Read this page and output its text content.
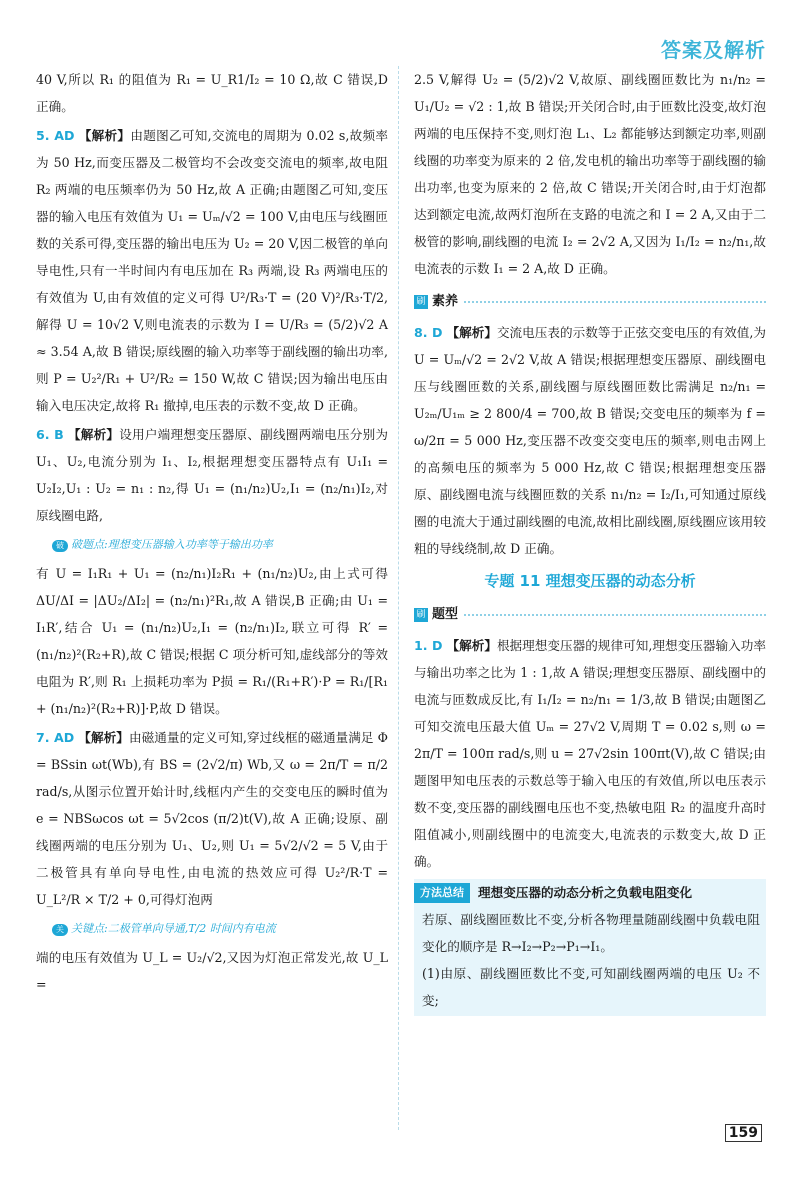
答案及解析

40 V,所以 R₁ 的阻值为 R₁ = U_R1/I₂ = 10 Ω,故 C 错误,D 正确。

5. AD 【解析】由题图乙可知,交流电的周期为 0.02 s,故频率为 50 Hz,而变压器及二极管均不会改变交流电的频率,故电阻 R₂ 两端的电压频率仍为 50 Hz,故 A 正确;由题图乙可知,变压器的输入电压有效值为 U₁ = Uₘ/√2 = 100 V,由电压与线圈匝数的关系可得,变压器的输出电压为 U₂ = 20 V,因二极管的单向导电性,只有一半时间内有电压加在 R₃ 两端,设 R₃ 两端电压的有效值为 U,由有效值的定义可得 U²/R₃·T = (20 V)²/R₃·T/2,解得 U = 10√2 V,则电流表的示数为 I = U/R₃ = (5/2)√2 A ≈ 3.54 A,故 B 错误;原线圈的输入功率等于副线圈的输出功率,则 P = U₂²/R₁ + U²/R₂ = 150 W,故 C 错误;因为输出电压由输入电压决定,故将 R₁ 撤掉,电压表的示数不变,故 D 正确。
6. B 【解析】设用户端理想变压器原、副线圈两端电压分别为 U₁、U₂,电流分别为 I₁、I₂,根据理想变压器特点有 U₁I₁ = U₂I₂,U₁ : U₂ = n₁ : n₂,得 U₁ = (n₁/n₂)U₂,I₁ = (n₂/n₁)I₂,对原线圈电路,
破 破题点:理想变压器输入功率等于输出功率

有 U = I₁R₁ + U₁ = (n₂/n₁)I₂R₁ + (n₁/n₂)U₂,由上式可得 ΔU/ΔI = |ΔU₂/ΔI₂| = (n₂/n₁)²R₁,故 A 错误,B 正确;由 U₁ = I₁R′,结合 U₁ = (n₁/n₂)U₂,I₁ = (n₂/n₁)I₂,联立可得 R′ = (n₁/n₂)²(R₂+R),故 C 错误;根据 C 项分析可知,虚线部分的等效电阻为 R′,则 R₁ 上损耗功率为 P损 = R₁/(R₁+R′)·P = R₁/[R₁ + (n₁/n₂)²(R₂+R)]·P,故 D 错误。

7. AD 【解析】由磁通量的定义可知,穿过线框的磁通量满足 Φ = BSsin ωt(Wb),有 BS = (2√2/π) Wb,又 ω = 2π/T = π/2 rad/s,从图示位置开始计时,线框内产生的交变电压的瞬时值为 e = NBSωcos ωt = 5√2cos (π/2)t(V),故 A 正确;设原、副线圈两端的电压分别为 U₁、U₂,则 U₁ = 5√2/√2 = 5 V,由于二极管具有单向导电性,由电流的热效应可得 U₂²/R·T = U_L²/R × T/2 + 0,可得灯泡两
关 关键点:二极管单向导通,T/2 时间内有电流

端的电压有效值为 U_L = U₂/√2,又因为灯泡正常发光,故 U_L =

2.5 V,解得 U₂ = (5/2)√2 V,故原、副线圈匝数比为 n₁/n₂ = U₁/U₂ = √2 : 1,故 B 错误;开关闭合时,由于匝数比没变,故灯泡两端的电压保持不变,则灯泡 L₁、L₂ 都能够达到额定功率,则副线圈的功率变为原来的 2 倍,发电机的输出功率等于副线圈的输出功率,也变为原来的 2 倍,故 C 错误;开关闭合时,由于灯泡都达到额定电流,故两灯泡所在支路的电流之和 I = 2 A,又由于二极管的影响,副线圈的电流 I₂ = 2√2 A,又因为 I₁/I₂ = n₂/n₁,故电流表的示数 I₁ = 2 A,故 D 正确。

刷 素养
8. D 【解析】交流电压表的示数等于正弦交变电压的有效值,为 U = Uₘ/√2 = 2√2 V,故 A 错误;根据理想变压器原、副线圈电压与线圈匝数的关系,副线圈与原线圈匝数比需满足 n₂/n₁ = U₂ₘ/U₁ₘ ≥ 2 800/4 = 700,故 B 错误;交变电压的频率为 f = ω/2π = 5 000 Hz,变压器不改变交变电压的频率,则电击网上的高频电压的频率为 5 000 Hz,故 C 错误;根据理想变压器原、副线圈电流与线圈匝数的关系 n₁/n₂ = I₂/I₁,可知通过原线圈的电流大于通过副线圈的电流,故相比副线圈,原线圈应该用较粗的导线绕制,故 D 正确。
专题 11 理想变压器的动态分析
刷 题型
1. D 【解析】根据理想变压器的规律可知,理想变压器输入功率与输出功率之比为 1 : 1,故 A 错误;理想变压器原、副线圈中的电流与匝数成反比,有 I₁/I₂ = n₂/n₁ = 1/3,故 B 错误;由题图乙可知交流电压最大值 Uₘ = 27√2 V,周期 T = 0.02 s,则 ω = 2π/T = 100π rad/s,则 u = 27√2sin 100πt(V),故 C 错误;由题图甲知电压表的示数总等于输入电压的有效值,所以电压表示数不变,变压器的副线圈电压也不变,热敏电阻 R₂ 的温度升高时阻值减小,则副线圈中的电流变大,电流表的示数变大,故 D 正确。
方法总结	理想变压器的动态分析之负载电阻变化

若原、副线圈匝数比不变,分析各物理量随副线圈中负载电阻变化的顺序是 R→I₂→P₂→P₁→I₁。

(1)由原、副线圈匝数比不变,可知副线圈两端的电压 U₂ 不变;

159
